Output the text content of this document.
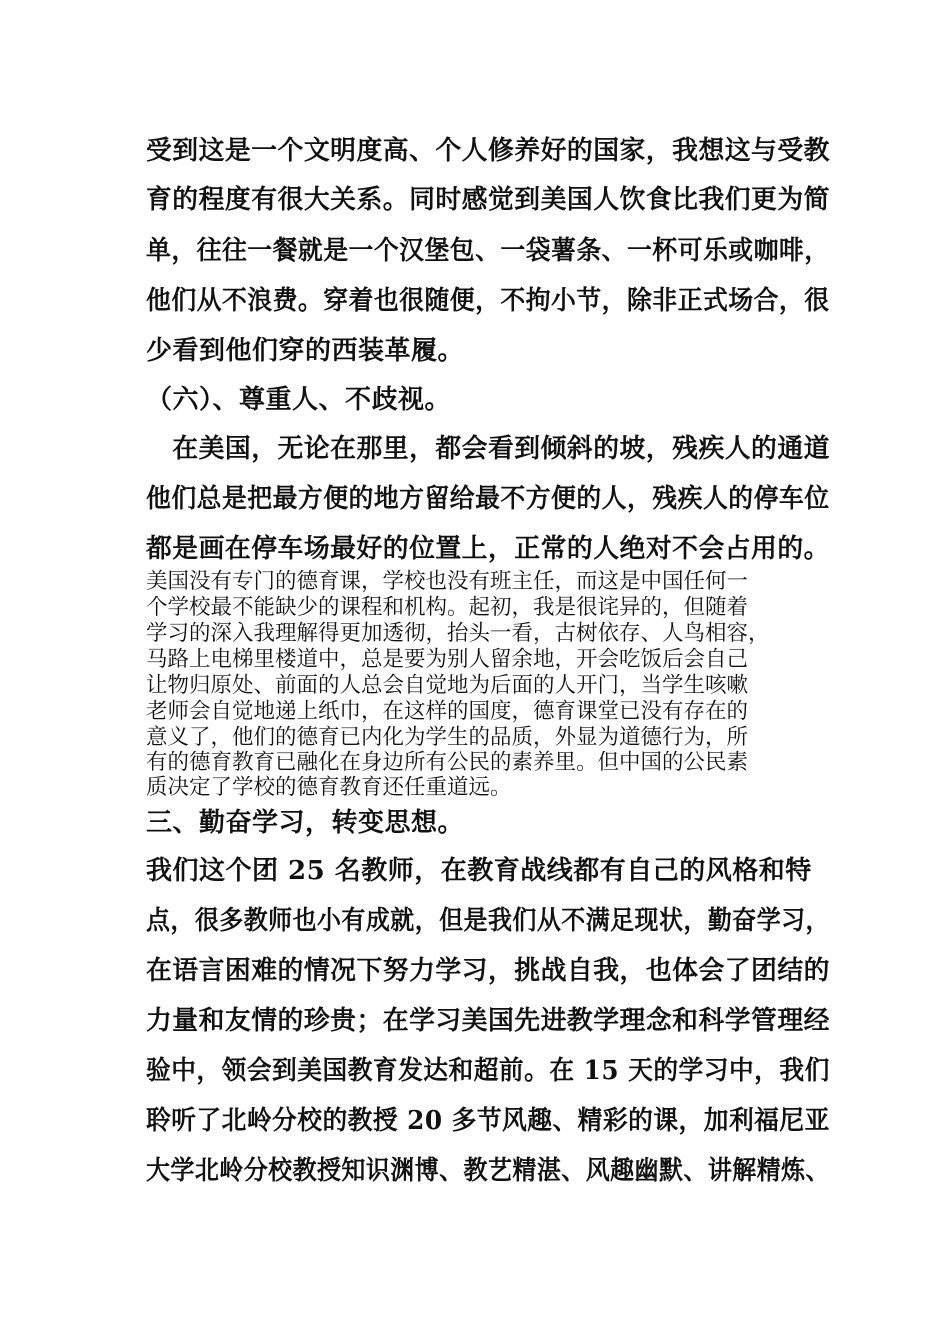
受到这是一个文明度高、个人修养好的国家，我想这与受教
育的程度有很大关系。同时感觉到美国人饮食比我们更为简
单，往往一餐就是一个汉堡包、一袋薯条、一杯可乐或咖啡，
他们从不浪费。穿着也很随便，不拘小节，除非正式场合，很
少看到他们穿的西装革履。
（六）、尊重人、不歧视。
　在美国，无论在那里，都会看到倾斜的坡，残疾人的通道
他们总是把最方便的地方留给最不方便的人，残疾人的停车位
都是画在停车场最好的位置上，正常的人绝对不会占用的。
美国没有专门的德育课，学校也没有班主任，而这是中国任何一
个学校最不能缺少的课程和机构。起初，我是很诧异的，但随着
学习的深入我理解得更加透彻，抬头一看，古树依存、人鸟相容，
马路上电梯里楼道中，总是要为别人留余地，开会吃饭后会自己
让物归原处、前面的人总会自觉地为后面的人开门，当学生咳嗽
老师会自觉地递上纸巾，在这样的国度，德育课堂已没有存在的
意义了，他们的德育已内化为学生的品质，外显为道德行为，所
有的德育教育已融化在身边所有公民的素养里。但中国的公民素
质决定了学校的德育教育还任重道远。
三、勤奋学习，转变思想。
我们这个团 25 名教师，在教育战线都有自己的风格和特
点，很多教师也小有成就，但是我们从不满足现状，勤奋学习，
在语言困难的情况下努力学习，挑战自我，也体会了团结的
力量和友情的珍贵；在学习美国先进教学理念和科学管理经
验中，领会到美国教育发达和超前。在 15 天的学习中，我们
聆听了北岭分校的教授 20 多节风趣、精彩的课，加利福尼亚
大学北岭分校教授知识渊博、教艺精湛、风趣幽默、讲解精炼、
